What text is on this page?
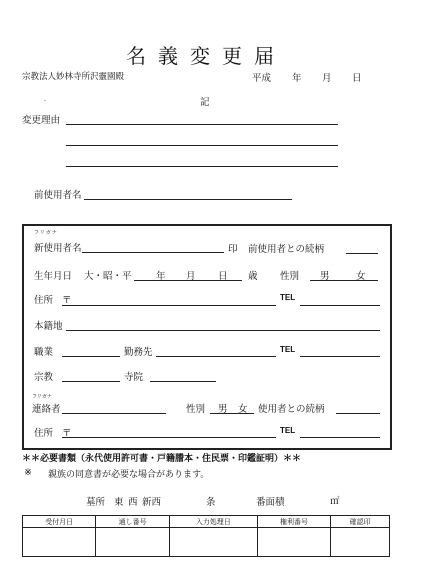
名義変更届
宗教法人妙林寺所沢靈園殿	平成 年 月 日
記
.
変更理由
前使用者名
フリガナ
新使用者名	印 前使用者との続柄
生年月日 大・昭・平	年 月 日 歳 性別 男	女
住所 〒	TEL
本籍地
職業	勤務先	TEL
宗教	寺院
フリガナ
連絡者	性別 男 女 使用者との続柄
住所 〒	TEL
＊＊必要書類（永代使用許可書・戸籍謄本・住民票・印鑑証明）＊＊
※ 親族の同意書が必要な場合があります。
墓所 東 西 新西	条	番面積	㎡
受付月日	通し番号	入力処理日	権利番号	確認印
